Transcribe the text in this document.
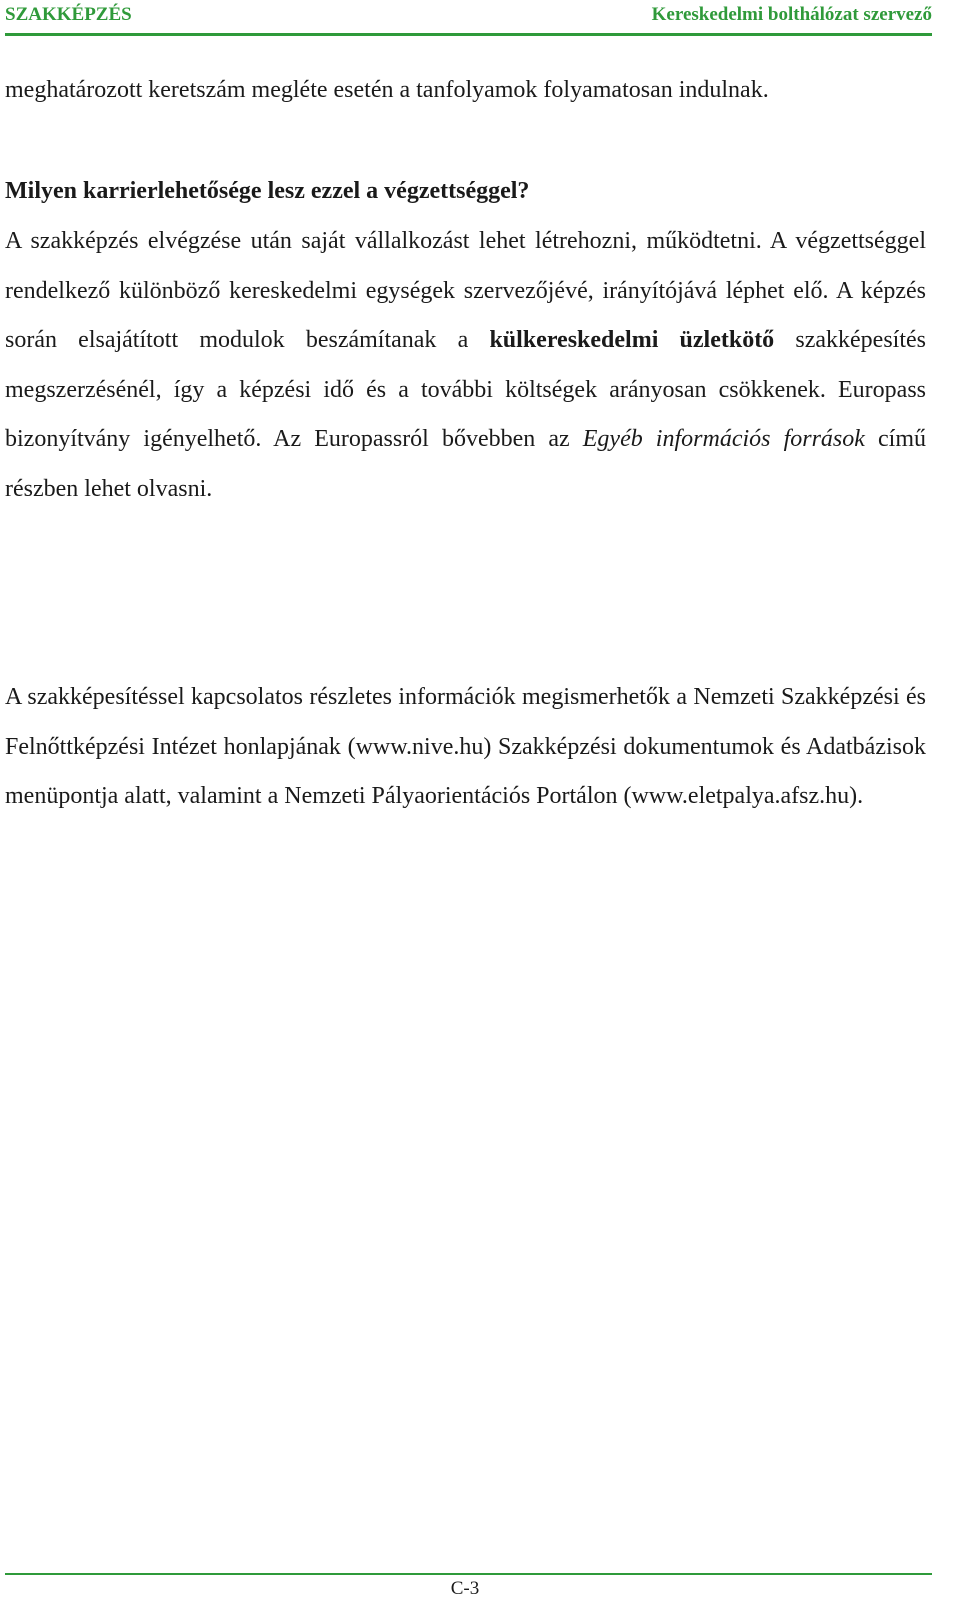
SZAKKÉPZÉS	Kereskedelmi bolthálózat szervező

meghatározott keretszám megléte esetén a tanfolyamok folyamatosan indulnak.

Milyen karrierlehetősége lesz ezzel a végzettséggel?

A szakképzés elvégzése után saját vállalkozást lehet létrehozni, működtetni. A végzettséggel rendelkező különböző kereskedelmi egységek szervezőjévé, irányítójává léphet elő. A képzés során elsajátított modulok beszámítanak a külkereskedelmi üzletkötő szakképesítés megszerzésénél, így a képzési idő és a további költségek arányosan csökkenek. Europass bizonyítvány igényelhető. Az Europassról bővebben az Egyéb információs források című részben lehet olvasni.

A szakképesítéssel kapcsolatos részletes információk megismerhetők a Nemzeti Szakképzési és Felnőttképzési Intézet honlapjának (www.nive.hu) Szakképzési dokumentumok és Adatbázisok menüpontja alatt, valamint a Nemzeti Pályaorientációs Portálon (www.eletpalya.afsz.hu).

C-3
